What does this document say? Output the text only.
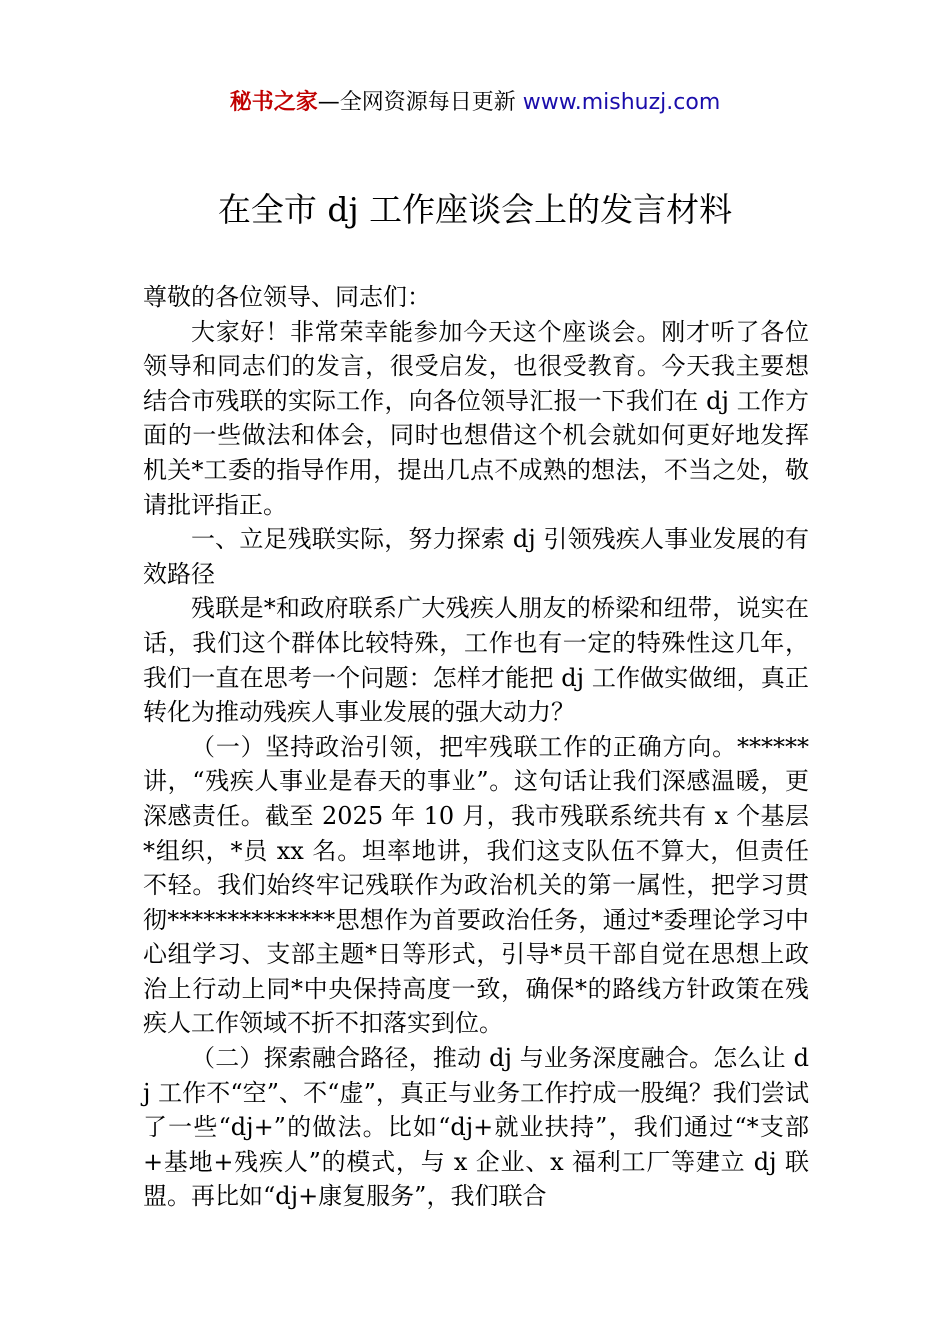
秘书之家—全网资源每日更新 www.mishuzj.com
在全市 dj 工作座谈会上的发言材料

尊敬的各位领导、同志们：

大家好！非常荣幸能参加今天这个座谈会。刚才听了各位领导和同志们的发言，很受启发，也很受教育。今天我主要想结合市残联的实际工作，向各位领导汇报一下我们在 dj 工作方面的一些做法和体会，同时也想借这个机会就如何更好地发挥机关*工委的指导作用，提出几点不成熟的想法，不当之处，敬请批评指正。

一、立足残联实际，努力探索 dj 引领残疾人事业发展的有效路径

残联是*和政府联系广大残疾人朋友的桥梁和纽带，说实在话，我们这个群体比较特殊，工作也有一定的特殊性这几年，我们一直在思考一个问题：怎样才能把 dj 工作做实做细，真正转化为推动残疾人事业发展的强大动力？

（一）坚持政治引领，把牢残联工作的正确方向。******讲，“残疾人事业是春天的事业”。这句话让我们深感温暖，更深感责任。截至 2025 年 10 月，我市残联系统共有 x 个基层*组织，*员 xx 名。坦率地讲，我们这支队伍不算大，但责任不轻。我们始终牢记残联作为政治机关的第一属性，把学习贯彻**************思想作为首要政治任务，通过*委理论学习中心组学习、支部主题*日等形式，引导*员干部自觉在思想上政治上行动上同*中央保持高度一致，确保*的路线方针政策在残疾人工作领域不折不扣落实到位。

（二）探索融合路径，推动 dj 与业务深度融合。怎么让 dj 工作不“空”、不“虚”，真正与业务工作拧成一股绳？我们尝试了一些“dj+”的做法。比如“dj+就业扶持”，我们通过“*支部+基地+残疾人”的模式，与 x 企业、x 福利工厂等建立 dj 联盟。再比如“dj+康复服务”，我们联合
